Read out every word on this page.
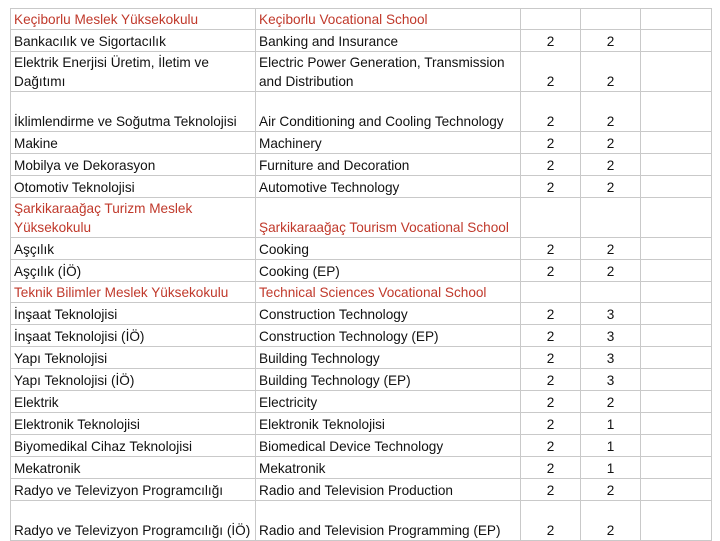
Keçiborlu Meslek Yüksekokulu	Keçiborlu Vocational School			
Bankacılık ve Sigortacılık	Banking and Insurance	2	2	
Elektrik Enerjisi Üretim, İletim ve Dağıtımı	Electric Power Generation, Transmission and Distribution	2	2	
İklimlendirme ve Soğutma Teknolojisi	Air Conditioning and Cooling Technology	2	2	
Makine	Machinery	2	2	
Mobilya ve Dekorasyon	Furniture and Decoration	2	2	
Otomotiv Teknolojisi	Automotive Technology	2	2	
Şarkikaraağaç Turizm Meslek Yüksekokulu	Şarkikaraağaç Tourism Vocational School			
Aşçılık	Cooking	2	2	
Aşçılık (İÖ)	Cooking (EP)	2	2	
Teknik Bilimler Meslek Yüksekokulu	Technical Sciences Vocational School			
İnşaat Teknolojisi	Construction Technology	2	3	
İnşaat Teknolojisi (İÖ)	Construction Technology (EP)	2	3	
Yapı Teknolojisi	Building Technology	2	3	
Yapı Teknolojisi (İÖ)	Building Technology (EP)	2	3	
Elektrik	Electricity	2	2	
Elektronik Teknolojisi	Elektronik Teknolojisi	2	1	
Biyomedikal Cihaz Teknolojisi	Biomedical Device Technology	2	1	
Mekatronik	Mekatronik	2	1	
Radyo ve Televizyon Programcılığı	Radio and Television Production	2	2	
Radyo ve Televizyon Programcılığı (İÖ)	Radio and Television Programming (EP)	2	2	
